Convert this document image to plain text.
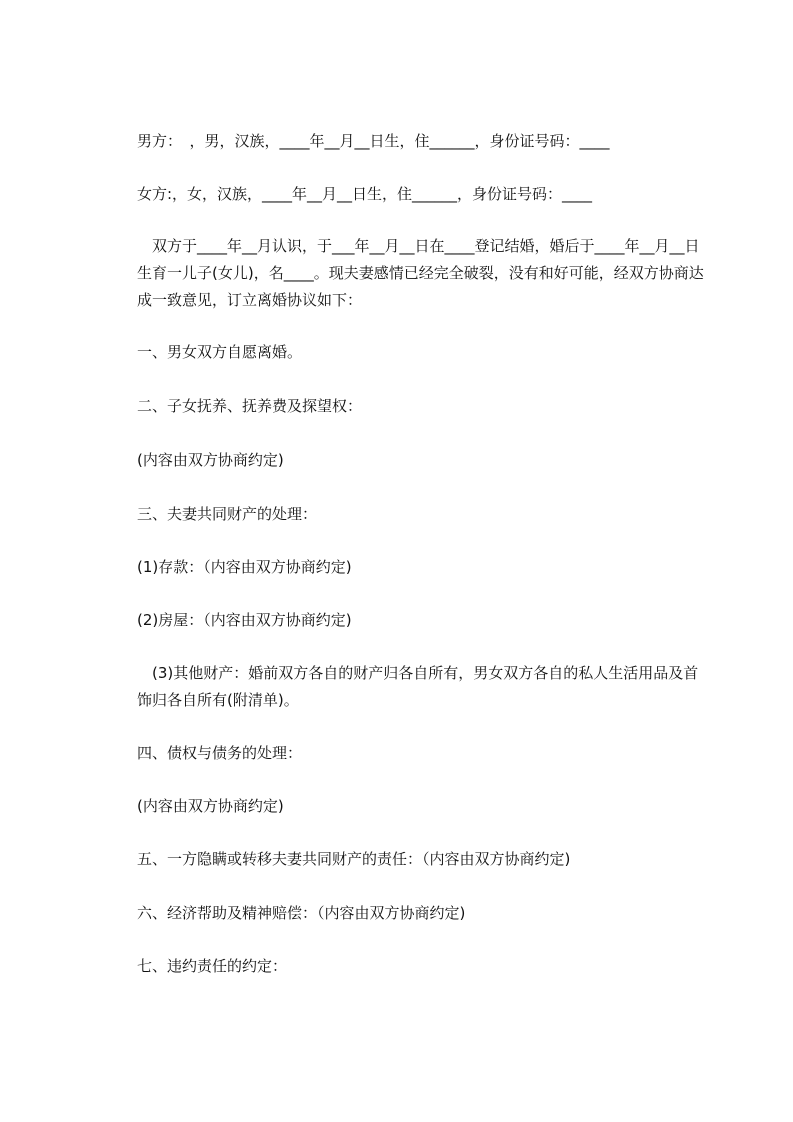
男方：　，男，汉族，____年__月__日生，住______，身份证号码：____

女方:，女，汉族，____年__月__日生，住______，身份证号码：____

　双方于____年__月认识，于___年__月__日在____登记结婚，婚后于____年__月__日生育一儿子(女儿)，名____。现夫妻感情已经完全破裂，没有和好可能，经双方协商达成一致意见，订立离婚协议如下：

一、男女双方自愿离婚。

二、子女抚养、抚养费及探望权：

(内容由双方协商约定)

三、夫妻共同财产的处理：

(1)存款：（内容由双方协商约定)

(2)房屋：（内容由双方协商约定)

　(3)其他财产：婚前双方各自的财产归各自所有，男女双方各自的私人生活用品及首饰归各自所有(附清单)。

四、债权与债务的处理：

(内容由双方协商约定)

五、一方隐瞒或转移夫妻共同财产的责任：（内容由双方协商约定)

六、经济帮助及精神赔偿：（内容由双方协商约定)

七、违约责任的约定：
